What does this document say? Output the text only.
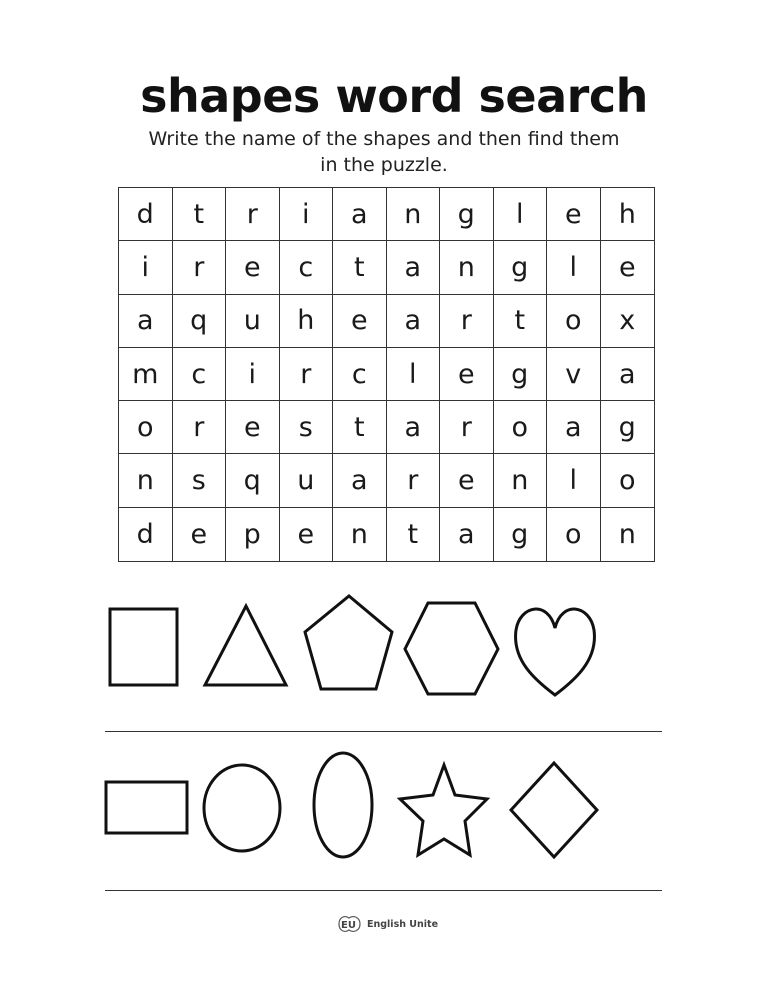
shapes word search
Write the name of the shapes and then find them
in the puzzle.
d	t	r	i	a	n	g	l	e	h
i	r	e	c	t	a	n	g	l	e
a	q	u	h	e	a	r	t	o	x
m	c	i	r	c	l	e	g	v	a
o	r	e	s	t	a	r	o	a	g
n	s	q	u	a	r	e	n	l	o
d	e	p	e	n	t	a	g	o	n
EU English Unite
